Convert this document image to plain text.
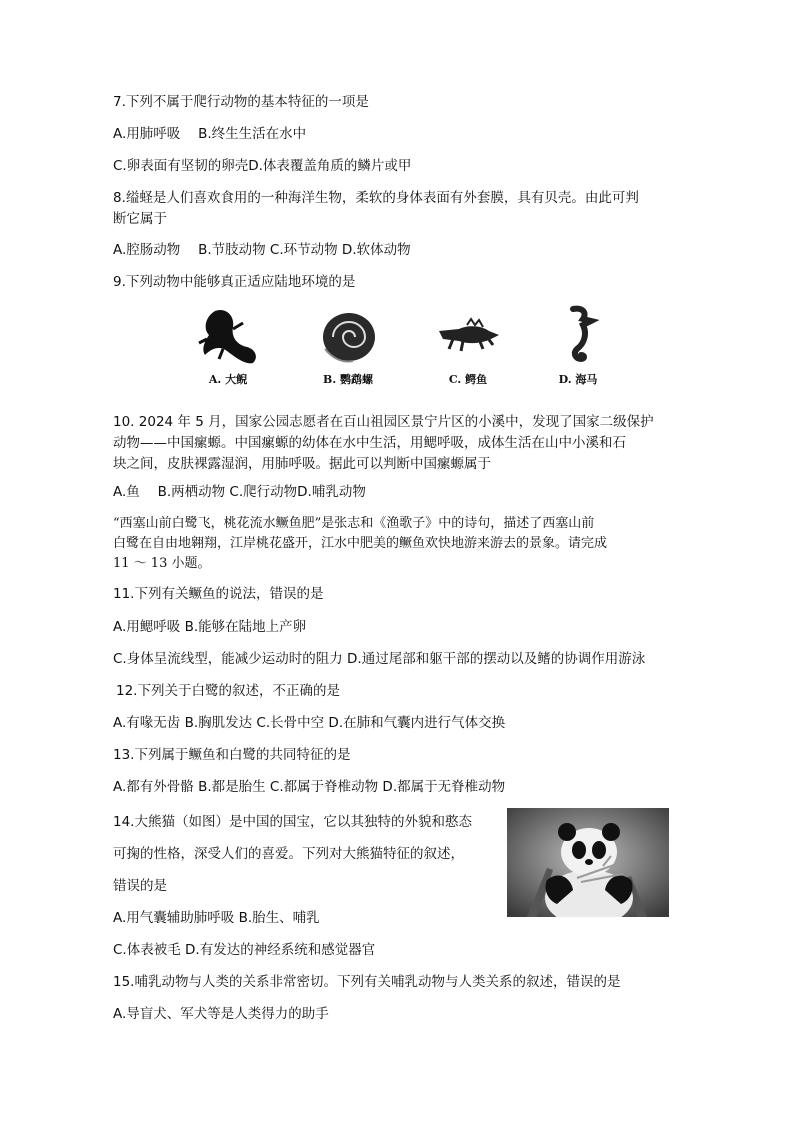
7.下列不属于爬行动物的基本特征的一项是
A.用肺呼吸　 B.终生生活在水中
C.卵表面有坚韧的卵壳D.体表覆盖角质的鳞片或甲
8.缢蛏是人们喜欢食用的一种海洋生物，柔软的身体表面有外套膜，具有贝壳。由此可判
断它属于
A.腔肠动物　 B.节肢动物 C.环节动物 D.软体动物
9.下列动物中能够真正适应陆地环境的是
A. 大鲵	B. 鹦鹉螺	C. 鳄鱼	D. 海马
10. 2024 年 5 月，国家公园志愿者在百山祖园区景宁片区的小溪中，发现了国家二级保护
动物——中国瘰螈。中国瘰螈的幼体在水中生活，用鳃呼吸，成体生活在山中小溪和石
块之间，皮肤裸露湿润，用肺呼吸。据此可以判断中国瘰螈属于
A.鱼　 B.两栖动物 C.爬行动物D.哺乳动物
“西塞山前白鹭飞，桃花流水鳜鱼肥”是张志和《渔歌子》中的诗句，描述了西塞山前
白鹭在自由地翱翔，江岸桃花盛开，江水中肥美的鳜鱼欢快地游来游去的景象。请完成
11 ～ 13 小题。
11.下列有关鳜鱼的说法，错误的是
A.用鳃呼吸 B.能够在陆地上产卵
C.身体呈流线型，能减少运动时的阻力 D.通过尾部和躯干部的摆动以及鳍的协调作用游泳
12.下列关于白鹭的叙述，不正确的是
A.有喙无齿 B.胸肌发达 C.长骨中空 D.在肺和气囊内进行气体交换
13.下列属于鳜鱼和白鹭的共同特征的是
A.都有外骨骼 B.都是胎生 C.都属于脊椎动物 D.都属于无脊椎动物
14.大熊猫（如图）是中国的国宝，它以其独特的外貌和憨态
可掬的性格，深受人们的喜爱。下列对大熊猫特征的叙述，
错误的是
A.用气囊辅助肺呼吸 B.胎生、哺乳
C.体表被毛 D.有发达的神经系统和感觉器官
15.哺乳动物与人类的关系非常密切。下列有关哺乳动物与人类关系的叙述，错误的是
A.导盲犬、军犬等是人类得力的助手
